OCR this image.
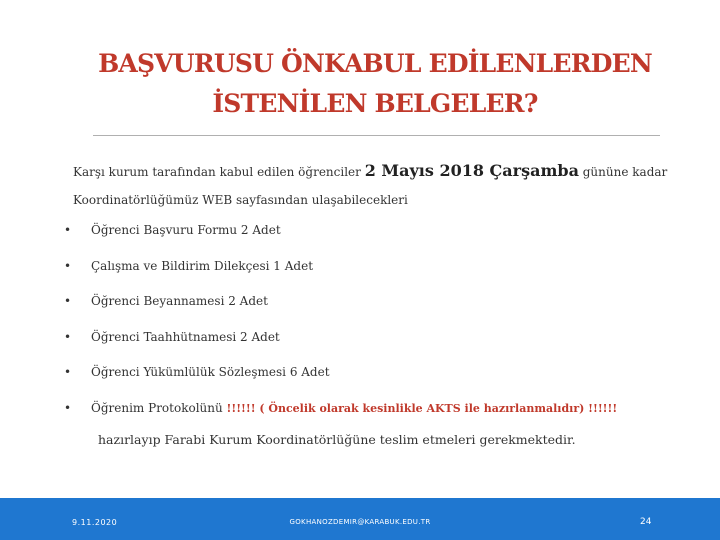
BAŞVURUSU ÖNKABUL EDİLENLERDEN
İSTENİLEN BELGELER?
Karşı kurum tarafından kabul edilen öğrenciler 2 Mayıs 2018 Çarşamba gününe kadar
Koordinatörlüğümüz WEB sayfasından ulaşabilecekleri
• Öğrenci Başvuru Formu 2 Adet
• Çalışma ve Bildirim Dilekçesi 1 Adet
• Öğrenci Beyannamesi 2 Adet
• Öğrenci Taahhütnamesi 2 Adet
• Öğrenci Yükümlülük Sözleşmesi 6 Adet
• Öğrenim Protokolünü !!!!!! ( Öncelik olarak kesinlikle AKTS ile hazırlanmalıdır) !!!!!!
hazırlayıp Farabi Kurum Koordinatörlüğüne teslim etmeleri gerekmektedir.
9.11.2020	GOKHANOZDEMIR@KARABUK.EDU.TR	24
